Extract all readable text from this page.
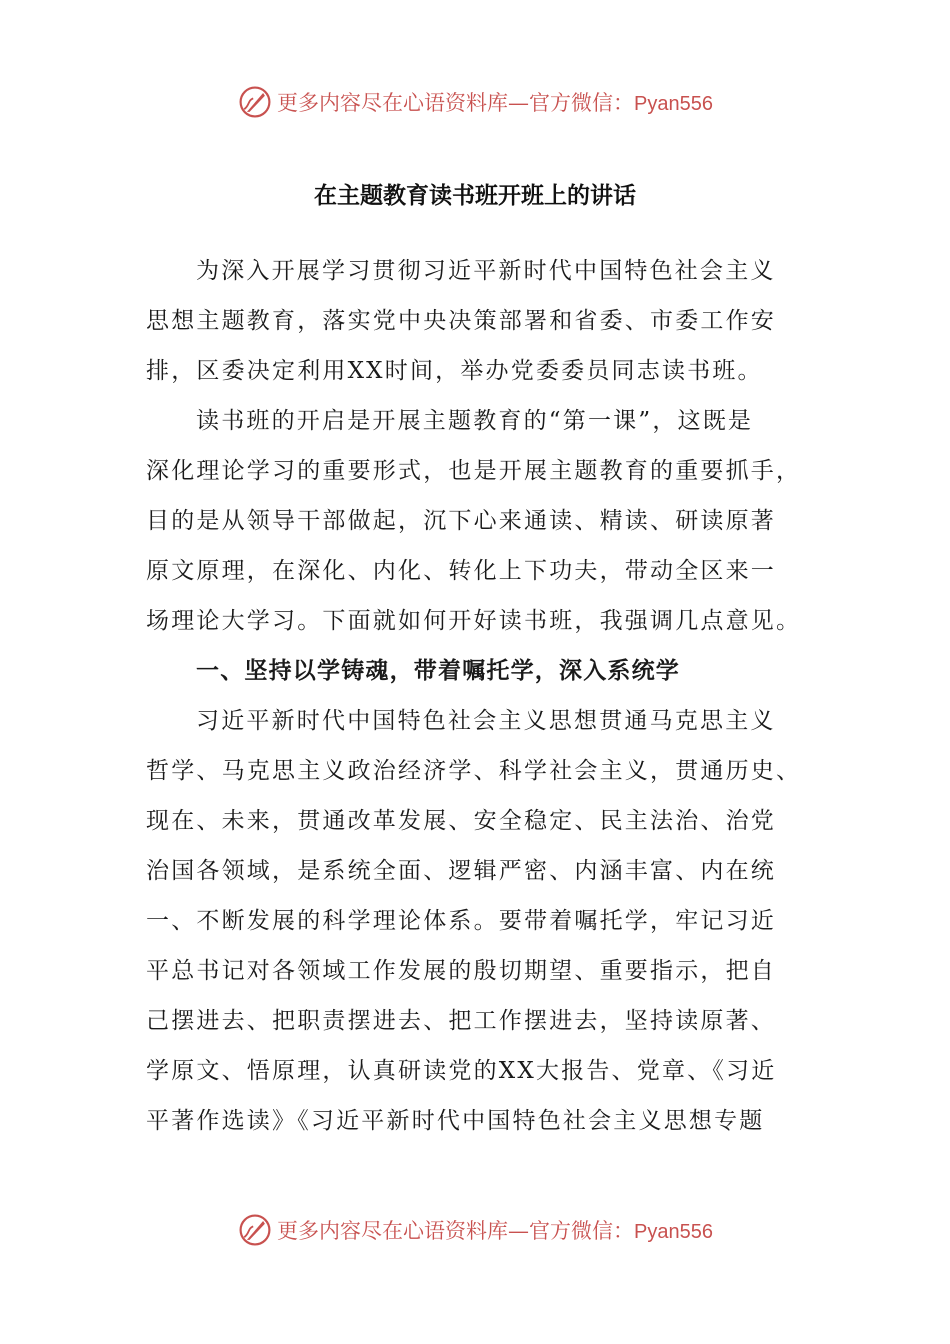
更多内容尽在心语资料库—官方微信：Pyan556
在主题教育读书班开班上的讲话
为深入开展学习贯彻习近平新时代中国特色社会主义
思想主题教育，落实党中央决策部署和省委、市委工作安
排，区委决定利用XX时间，举办党委委员同志读书班。
读书班的开启是开展主题教育的“第一课”，这既是
深化理论学习的重要形式，也是开展主题教育的重要抓手，
目的是从领导干部做起，沉下心来通读、精读、研读原著
原文原理，在深化、内化、转化上下功夫，带动全区来一
场理论大学习。下面就如何开好读书班，我强调几点意见。
一、坚持以学铸魂，带着嘱托学，深入系统学
习近平新时代中国特色社会主义思想贯通马克思主义
哲学、马克思主义政治经济学、科学社会主义，贯通历史、
现在、未来，贯通改革发展、安全稳定、民主法治、治党
治国各领域，是系统全面、逻辑严密、内涵丰富、内在统
一、不断发展的科学理论体系。要带着嘱托学，牢记习近
平总书记对各领域工作发展的殷切期望、重要指示，把自
己摆进去、把职责摆进去、把工作摆进去，坚持读原著、
学原文、悟原理，认真研读党的XX大报告、党章、《习近
平著作选读》《习近平新时代中国特色社会主义思想专题
更多内容尽在心语资料库—官方微信：Pyan556
